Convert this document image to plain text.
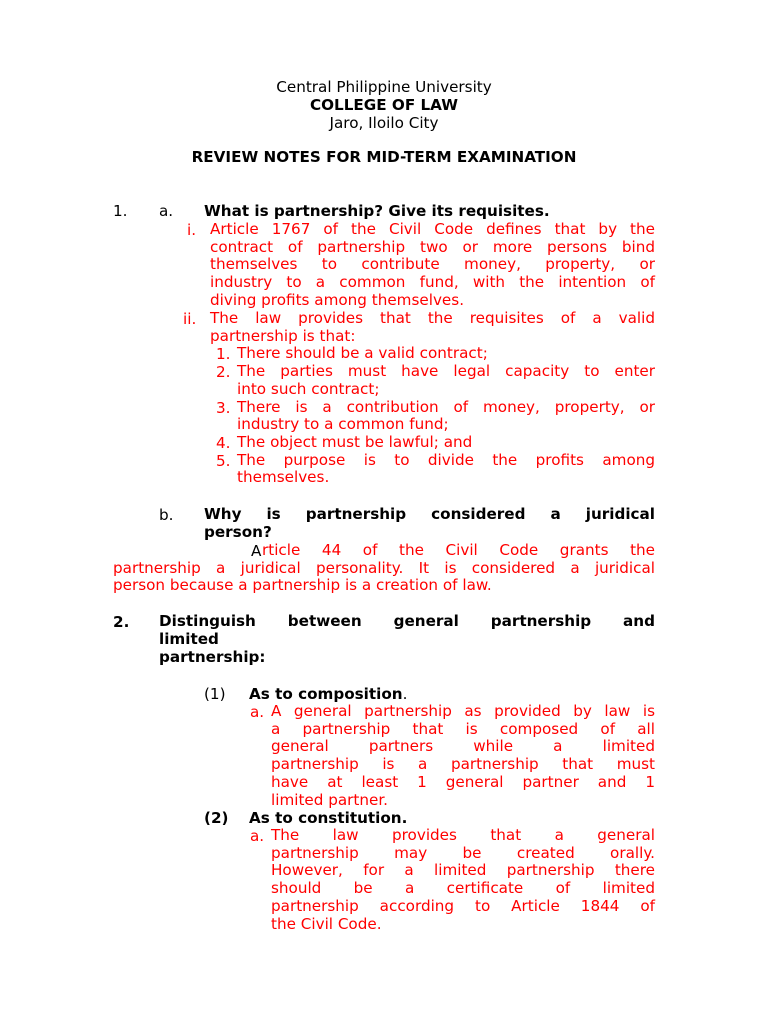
Central Philippine University
COLLEGE OF LAW
Jaro, Iloilo City
REVIEW NOTES FOR MID-TERM EXAMINATION
1. a. What is partnership? Give its requisites.
i. Article 1767 of the Civil Code defines that by the
contract of partnership two or more persons bind
themselves to contribute money, property, or
industry to a common fund, with the intention of
diving profits among themselves.
ii. The law provides that the requisites of a valid
partnership is that:
1. There should be a valid contract;
2. The parties must have legal capacity to enter
into such contract;
3. There is a contribution of money, property, or
industry to a common fund;
4. The object must be lawful; and
5. The purpose is to divide the profits among
themselves.
b. Why is partnership considered a juridical
person?
A rticle 44 of the Civil Code grants the
partnership a juridical personality. It is considered a juridical
person because a partnership is a creation of law.
2. Distinguish between general partnership and
limited
partnership:
(1) As to composition.
a. A general partnership as provided by law is
a partnership that is composed of all
general partners while a limited
partnership is a partnership that must
have at least 1 general partner and 1
limited partner.
(2) As to constitution.
a. The law provides that a general
partnership may be created orally.
However, for a limited partnership there
should be a certificate of limited
partnership according to Article 1844 of
the Civil Code.
